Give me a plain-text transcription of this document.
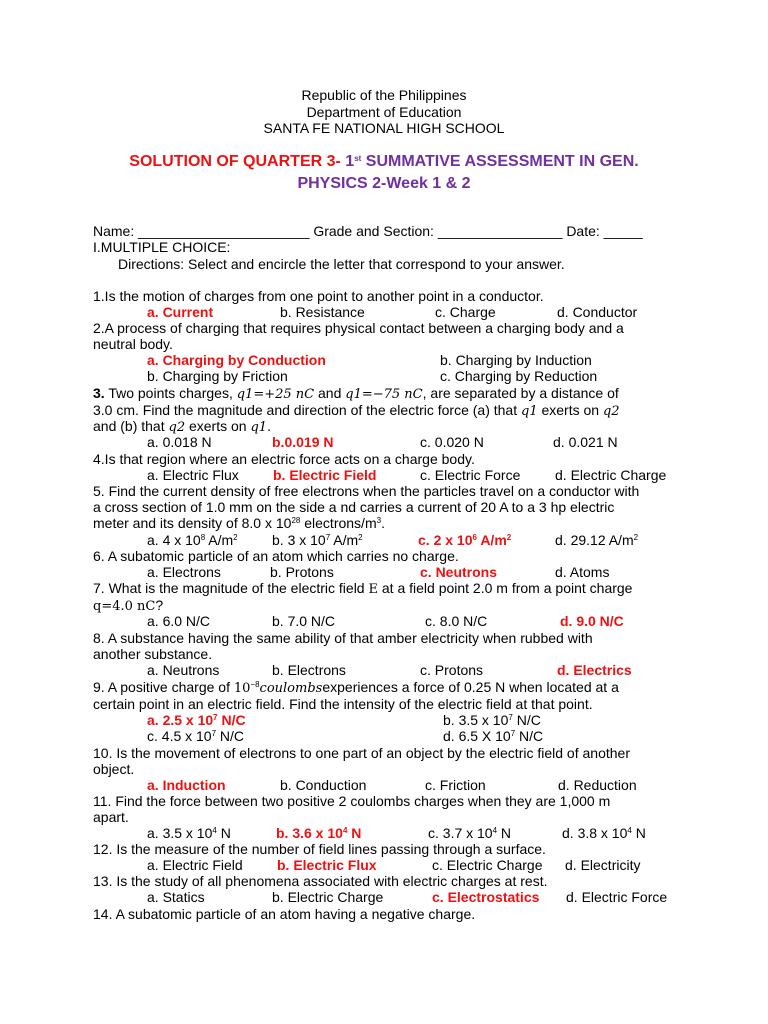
Republic of the Philippines
Department of Education
SANTA FE NATIONAL HIGH SCHOOL
SOLUTION OF QUARTER 3- 1st SUMMATIVE ASSESSMENT IN GEN.
PHYSICS 2-Week 1 & 2
Name: ______________________ Grade and Section: ________________ Date: _____
I.MULTIPLE CHOICE:
Directions: Select and encircle the letter that correspond to your answer.
1.Is the motion of charges from one point to another point in a conductor.
a. Current	b. Resistance	c. Charge	d. Conductor
2.A process of charging that requires physical contact between a charging body and a
neutral body.
a. Charging by Conduction	b. Charging by Induction
b. Charging by Friction	c. Charging by Reduction
3. Two points charges, q1=+25 nC and q1=−75 nC, are separated by a distance of
3.0 cm. Find the magnitude and direction of the electric force (a) that q1 exerts on q2
and (b) that q2 exerts on q1.
a. 0.018 N	b.0.019 N	c. 0.020 N	d. 0.021 N
4.Is that region where an electric force acts on a charge body.
a. Electric Flux b. Electric Field	c. Electric Force d. Electric Charge
5. Find the current density of free electrons when the particles travel on a conductor with
a cross section of 1.0 mm on the side a nd carries a current of 20 A to a 3 hp electric
meter and its density of 8.0 x $10^{28}$ electrons/$m^3$.
a. 4 x $10^8$ $A/m^2$ b. 3 x $10^7$ $A/m^2$	c. 2 x $10^6$ $A/m^2$	d. 29.12 $A/m^2$
6. A subatomic particle of an atom which carries no charge.
a. Electrons	b. Protons	c. Neutrons	d. Atoms
7. What is the magnitude of the electric field E at a field point 2.0 m from a point charge
q=4.0 nC?
a. 6.0 N/C	b. 7.0 N/C	c. 8.0 N/C	d. 9.0 N/C
8. A substance having the same ability of that amber electricity when rubbed with
another substance.
a. Neutrons	b. Electrons	c. Protons	d. Electrics
9. A positive charge of $10^{-8}coulombsexperiences$ a force of 0.25 N when located at a
certain point in an electric field. Find the intensity of the electric field at that point.
a. 2.5 x $10^7$ N/C	b. 3.5 x $10^7$ N/C
c. 4.5 x $10^7$ N/C	d. 6.5 X $10^7$ N/C
10. Is the movement of electrons to one part of an object by the electric field of another
object.
a. Induction	b. Conduction	c. Friction	d. Reduction
11. Find the force between two positive 2 coulombs charges when they are 1,000 m
apart.
a. 3.5 x $10^4$ N	b. 3.6 x $10^4$ N	c. 3.7 x $10^4$ N	d. 3.8 x $10^4$ N
12. Is the measure of the number of field lines passing through a surface.
a. Electric Field b. Electric Flux	c. Electric Charge d. Electricity
13. Is the study of all phenomena associated with electric charges at rest.
a. Statics	b. Electric Charge	c. Electrostatics d. Electric Force
14. A subatomic particle of an atom having a negative charge.
